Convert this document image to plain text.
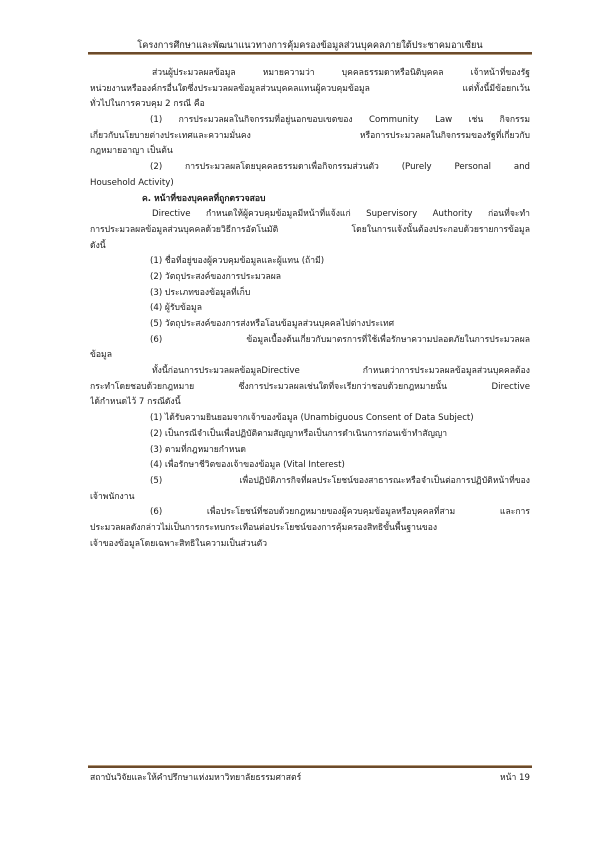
โครงการศึกษาและพัฒนาแนวทางการคุ้มครองข้อมูลส่วนบุคคลภายใต้ประชาคมอาเซียน
ส่วนผู้ประมวลผลข้อมูล หมายความว่า บุคคลธรรมดาหรือนิติบุคคล เจ้าหน้าที่ของรัฐ
หน่วยงานหรือองค์กรอื่นใดซึ่งประมวลผลข้อมูลส่วนบุคคลแทนผู้ควบคุมข้อมูล แต่ทั้งนี้มีข้อยกเว้น
ทั่วไปในการควบคุม 2 กรณี คือ
(1) การประมวลผลในกิจกรรมที่อยู่นอกขอบเขตของ Community Law เช่น กิจกรรม
เกี่ยวกับนโยบายต่างประเทศและความมั่นคง หรือการประมวลผลในกิจกรรมของรัฐที่เกี่ยวกับ
กฎหมายอาญา เป็นต้น
(2) การประมวลผลโดยบุคคลธรรมดาเพื่อกิจกรรมส่วนตัว (Purely Personal and
Household Activity)
ค. หน้าที่ของบุคคลที่ถูกตรวจสอบ
Directive กำหนดให้ผู้ควบคุมข้อมูลมีหน้าที่แจ้งแก่ Supervisory Authority ก่อนที่จะทำ
การประมวลผลข้อมูลส่วนบุคคลด้วยวิธีการอัตโนมัติ โดยในการแจ้งนั้นต้องประกอบด้วยรายการข้อมูล
ดังนี้
(1) ชื่อที่อยู่ของผู้ควบคุมข้อมูลและผู้แทน (ถ้ามี)
(2) วัตถุประสงค์ของการประมวลผล
(3) ประเภทของข้อมูลที่เก็บ
(4) ผู้รับข้อมูล
(5) วัตถุประสงค์ของการส่งหรือโอนข้อมูลส่วนบุคคลไปต่างประเทศ
(6) ข้อมูลเบื้องต้นเกี่ยวกับมาตรการที่ใช้เพื่อรักษาความปลอดภัยในการประมวลผล
ข้อมูล
ทั้งนี้ก่อนการประมวลผลข้อมูลDirective กำหนดว่าการประมวลผลข้อมูลส่วนบุคคลต้อง
กระทำโดยชอบด้วยกฎหมาย ซึ่งการประมวลผลเช่นใดที่จะเรียกว่าชอบด้วยกฎหมายนั้น Directive
ได้กำหนดไว้ 7 กรณีดังนี้
(1) ได้รับความยินยอมจากเจ้าของข้อมูล (Unambiguous Consent of Data Subject)
(2) เป็นกรณีจำเป็นเพื่อปฏิบัติตามสัญญาหรือเป็นการดำเนินการก่อนเข้าทำสัญญา
(3) ตามที่กฎหมายกำหนด
(4) เพื่อรักษาชีวิตของเจ้าของข้อมูล (Vital Interest)
(5) เพื่อปฏิบัติภารกิจที่ผลประโยชน์ของสาธารณะหรือจำเป็นต่อการปฏิบัติหน้าที่ของ
เจ้าพนักงาน
(6) เพื่อประโยชน์ที่ชอบด้วยกฎหมายของผู้ควบคุมข้อมูลหรือบุคคลที่สาม และการ
ประมวลผลดังกล่าวไม่เป็นการกระทบกระเทือนต่อประโยชน์ของการคุ้มครองสิทธิขั้นพื้นฐานของ
เจ้าของข้อมูลโดยเฉพาะสิทธิในความเป็นส่วนตัว
สถาบันวิจัยและให้คำปรึกษาแห่งมหาวิทยาลัยธรรมศาสตร์	หน้า 19
